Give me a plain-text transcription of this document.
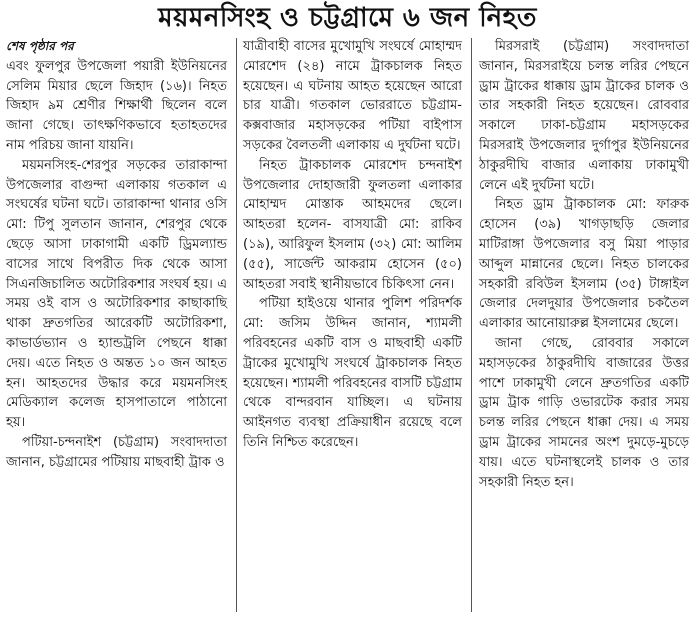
ময়মনসিংহ ও চট্টগ্রামে ৬ জন নিহত

শেষ পৃষ্ঠার পর

এবং ফুলপুর উপজেলা পয়ারী ইউনিয়নের সেলিম মিয়ার ছেলে জিহাদ (১৬)। নিহত জিহাদ ৯ম শ্রেণীর শিক্ষার্থী ছিলেন বলে জানা গেছে। তাৎক্ষণিকভাবে হতাহতদের নাম পরিচয় জানা যায়নি।

ময়মনসিংহ-শেরপুর সড়কের তারাকান্দা উপজেলার বাগুন্দা এলাকায় গতকাল এ সংঘর্ষের ঘটনা ঘটে। তারাকান্দা থানার ওসি মো: টিপু সুলতান জানান, শেরপুর থেকে ছেড়ে আসা ঢাকাগামী একটি ড্রিমল্যান্ড বাসের সাথে বিপরীত দিক থেকে আসা সিএনজিচালিত অটোরিকশার সংঘর্ষ হয়। এ সময় ওই বাস ও অটোরিকশার কাছাকাছি থাকা দ্রুতগতির আরেকটি অটোরিকশা, কাভার্ডভ্যান ও হ্যান্ডট্রলি পেছনে ধাক্কা দেয়। এতে নিহত ও অন্তত ১০ জন আহত হন। আহতদের উদ্ধার করে ময়মনসিংহ মেডিক্যাল কলেজ হাসপাতালে পাঠানো হয়।

পটিয়া-চন্দনাইশ (চট্টগ্রাম) সংবাদদাতা জানান, চট্টগ্রামের পটিয়ায় মাছবাহী ট্রাক ও

যাত্রীবাহী বাসের মুখোমুখি সংঘর্ষে মোহাম্মদ মোরশেদ (২৪) নামে ট্রাকচালক নিহত হয়েছেন। এ ঘটনায় আহত হয়েছেন আরো চার যাত্রী। গতকাল ভোররাতে চট্টগ্রাম-কক্সবাজার মহাসড়কের পটিয়া বাইপাস সড়কের বৈলতলী এলাকায় এ দুর্ঘটনা ঘটে।

নিহত ট্রাকচালক মোরশেদ চন্দনাইশ উপজেলার দোহাজারী ফুলতলা এলাকার মোহাম্মদ মোস্তাক আহমদের ছেলে। আহতরা হলেন- বাসযাত্রী মো: রাকিব (১৯), আরিফুল ইসলাম (৩২) মো: আলিম (৫৫), সার্জেন্ট আকরাম হোসেন (৫০) আহতরা সবাই স্থানীয়ভাবে চিকিৎসা নেন।

পটিয়া হাইওয়ে থানার পুলিশ পরিদর্শক মো: জসিম উদ্দিন জানান, শ্যামলী পরিবহনের একটি বাস ও মাছবাহী একটি ট্রাকের মুখোমুখি সংঘর্ষে ট্রাকচালক নিহত হয়েছেন। শ্যামলী পরিবহনের বাসটি চট্টগ্রাম থেকে বান্দরবান যাচ্ছিল। এ ঘটনায় আইনগত ব্যবস্থা প্রক্রিয়াধীন রয়েছে বলে তিনি নিশ্চিত করেছেন।

মিরসরাই (চট্টগ্রাম) সংবাদদাতা জানান, মিরসরাইয়ে চলন্ত লরির পেছনে ড্রাম ট্রাকের ধাক্কায় ড্রাম ট্রাকের চালক ও তার সহকারী নিহত হয়েছেন। রোববার সকালে ঢাকা-চট্টগ্রাম মহাসড়কের মিরসরাই উপজেলার দুর্গাপুর ইউনিয়নের ঠাকুরদীঘি বাজার এলাকায় ঢাকামুখী লেনে এই দুর্ঘটনা ঘটে।

নিহত ড্রাম ট্রাকচালক মো: ফারুক হোসেন (৩৯) খাগড়াছড়ি জেলার মাটিরাঙ্গা উপজেলার বসু মিয়া পাড়ার আব্দুল মান্নানের ছেলে। নিহত চালকের সহকারী রবিউল ইসলাম (৩৫) টাঙ্গাইল জেলার দেলদুয়ার উপজেলার চকতৈল এলাকার আনোয়ারুল্ল ইসলামের ছেলে।

জানা গেছে, রোববার সকালে মহাসড়কের ঠাকুরদীঘি বাজারের উত্তর পাশে ঢাকামুখী লেনে দ্রুতগতির একটি ড্রাম ট্রাক গাড়ি ওভারটেক করার সময় চলন্ত লরির পেছনে ধাক্কা দেয়। এ সময় ড্রাম ট্রাকের সামনের অংশ দুমড়ে-মুচড়ে যায়। এতে ঘটনাস্থলেই চালক ও তার সহকারী নিহত হন।
